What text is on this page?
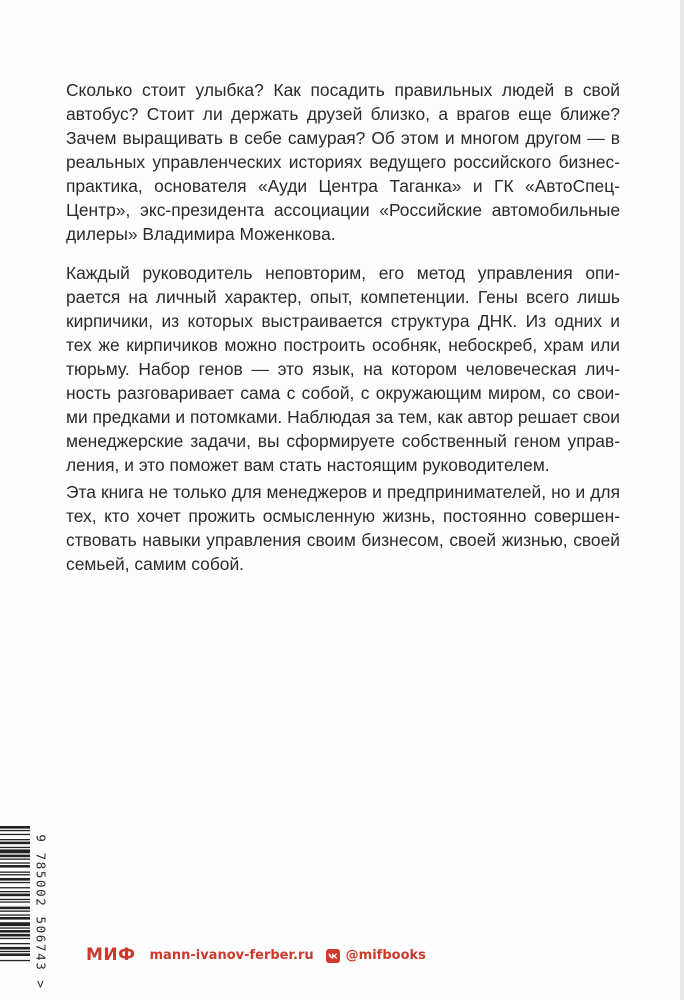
Сколько стоит улыбка? Как посадить правильных людей в свой автобус? Стоит ли держать друзей близко, а врагов еще ближе? Зачем выращивать в себе самурая? Об этом и многом другом — в реальных управленческих историях ведущего российского бизнес-практика, основателя «Ауди Центра Таганка» и ГК «АвтоСпецЦентр», экс-президента ассоциации «Российские автомобильные дилеры» Владимира Моженкова.

Каждый руководитель неповторим, его метод управления опирается на личный характер, опыт, компетенции. Гены всего лишь кирпичики, из которых выстраивается структура ДНК. Из одних и тех же кирпичиков можно построить особняк, небоскреб, храм или тюрьму. Набор генов — это язык, на котором человеческая личность разговаривает сама с собой, с окружающим миром, со своими предками и потомками. Наблюдая за тем, как автор решает свои менеджерские задачи, вы сформируете собственный геном управления, и это поможет вам стать настоящим руководителем.

Эта книга не только для менеджеров и предпринимателей, но и для тех, кто хочет прожить осмысленную жизнь, постоянно совершенствовать навыки управления своим бизнесом, своей жизнью, своей семьей, самим собой.

9 785002 506743 > МИФ mann-ivanov-ferber.ru @mifbooks
